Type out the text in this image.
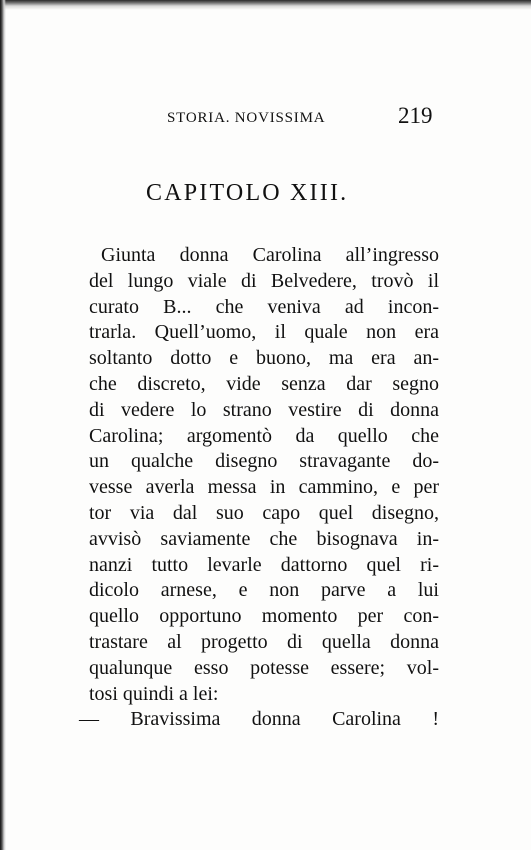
STORIA. NOVISSIMA	219
CAPITOLO XIII.
Giunta donna Carolina all’ingresso
del lungo viale di Belvedere, trovò il
curato B... che veniva ad incon-
trarla. Quell’uomo, il quale non era
soltanto dotto e buono, ma era an-
che discreto, vide senza dar segno
di vedere lo strano vestire di donna
Carolina; argomentò da quello che
un qualche disegno stravagante do-
vesse averla messa in cammino, e per
tor via dal suo capo quel disegno,
avvisò saviamente che bisognava in-
nanzi tutto levarle dattorno quel ri-
dicolo arnese, e non parve a lui
quello opportuno momento per con-
trastare al progetto di quella donna
qualunque esso potesse essere; vol-
tosi quindi a lei:
— Bravissima donna Carolina !
